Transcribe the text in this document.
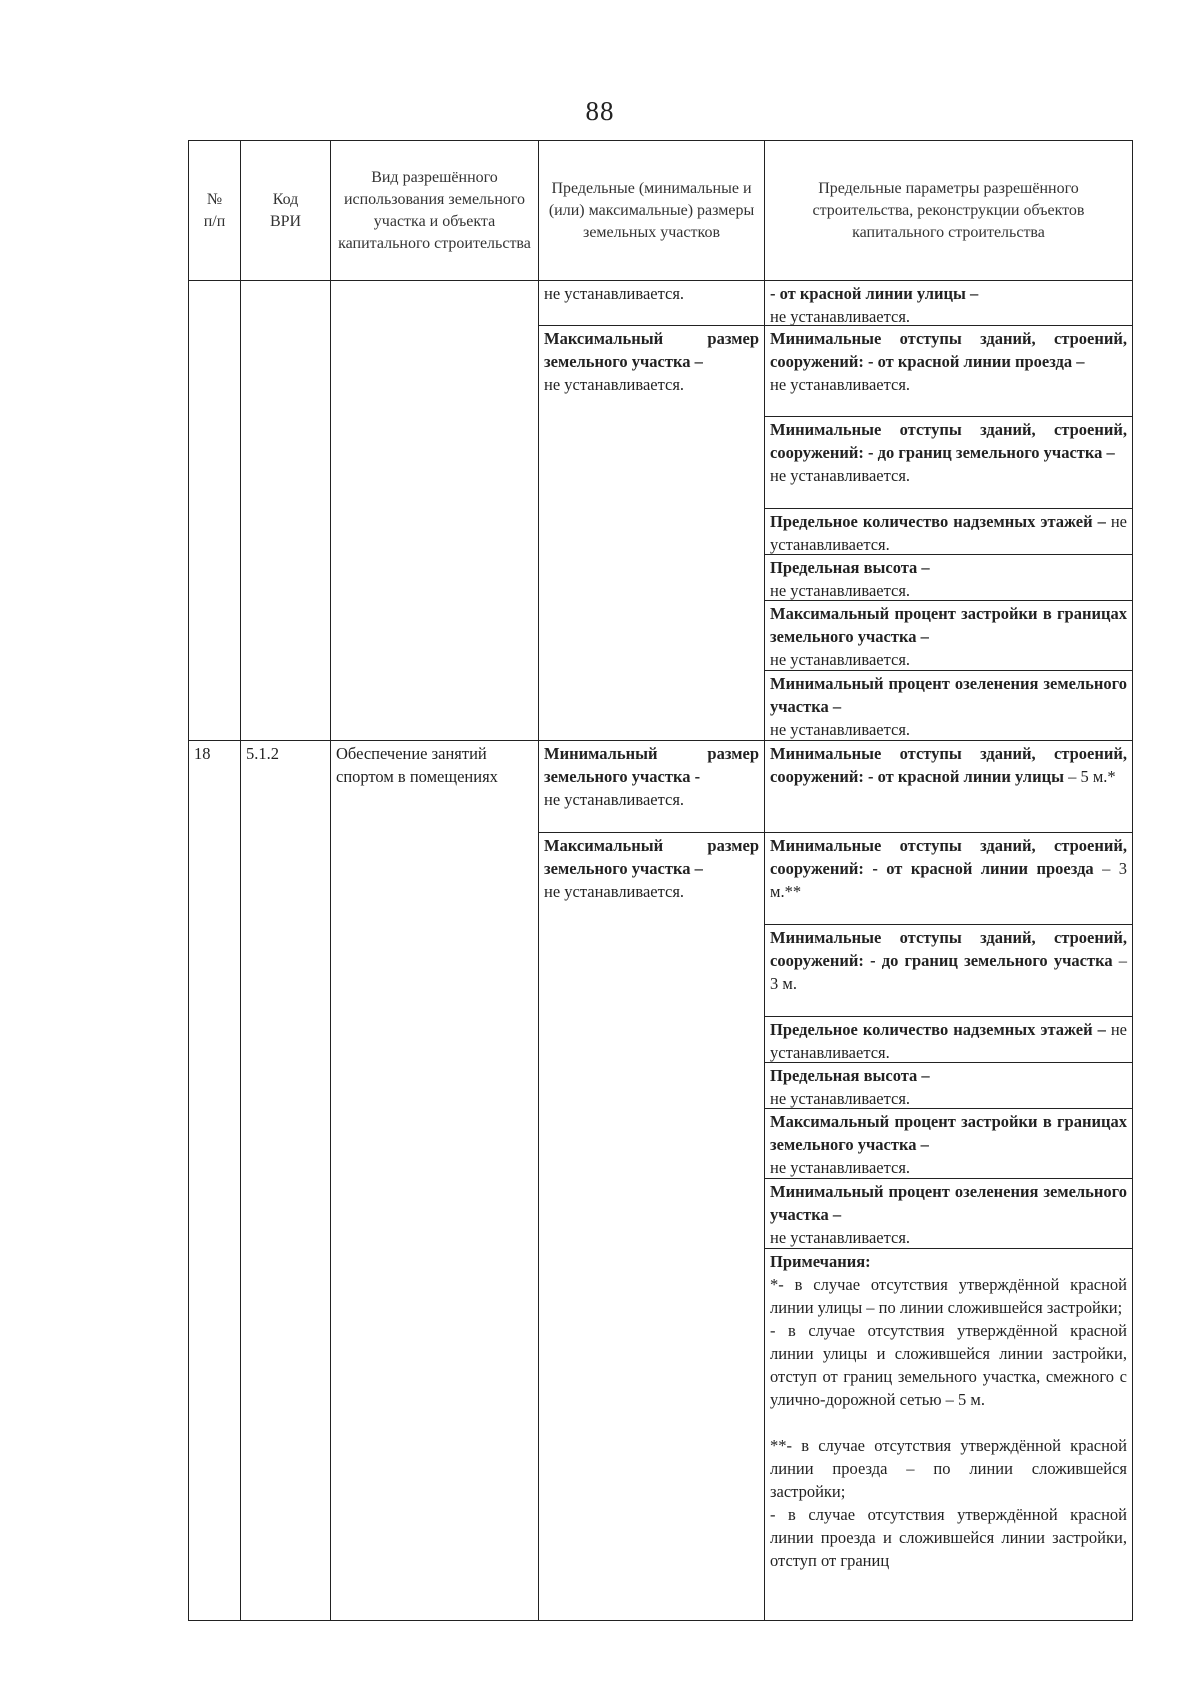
88
№
п/п
Код
ВРИ
Вид разрешённого использования земельного участка и объекта капитального строительства
Предельные (минимальные и (или) максимальные) размеры земельных участков
Предельные параметры разрешённого строительства, реконструкции объектов капитального строительства
не устанавливается.
Максимальный размер земельного участка –
не устанавливается.
- от красной линии улицы –
не устанавливается.
Минимальные отступы зданий, строений, сооружений: - от красной линии проезда –
не устанавливается.
Минимальные отступы зданий, строений, сооружений: - до границ земельного участка –
не устанавливается.
Предельное количество надземных этажей – не устанавливается.
Предельная высота –
не устанавливается.
Максимальный процент застройки в границах земельного участка –
не устанавливается.
Минимальный процент озеленения земельного участка –
не устанавливается.
18	5.1.2	Обеспечение занятий спортом в помещениях
Минимальный размер земельного участка -
не устанавливается.
Максимальный размер земельного участка –
не устанавливается.
Минимальные отступы зданий, строений, сооружений: - от красной линии улицы – 5 м.*
Минимальные отступы зданий, строений, сооружений: - от красной линии проезда – 3 м.**
Минимальные отступы зданий, строений, сооружений: - до границ земельного участка – 3 м.
Предельное количество надземных этажей – не устанавливается.
Предельная высота –
не устанавливается.
Максимальный процент застройки в границах земельного участка –
не устанавливается.
Минимальный процент озеленения земельного участка –
не устанавливается.
Примечания:
*- в случае отсутствия утверждённой красной линии улицы – по линии сложившейся застройки;
- в случае отсутствия утверждённой красной линии улицы и сложившейся линии застройки, отступ от границ земельного участка, смежного с улично-дорожной сетью – 5 м.
**- в случае отсутствия утверждённой красной линии проезда – по линии сложившейся застройки;
- в случае отсутствия утверждённой красной линии проезда и сложившейся линии застройки, отступ от границ
